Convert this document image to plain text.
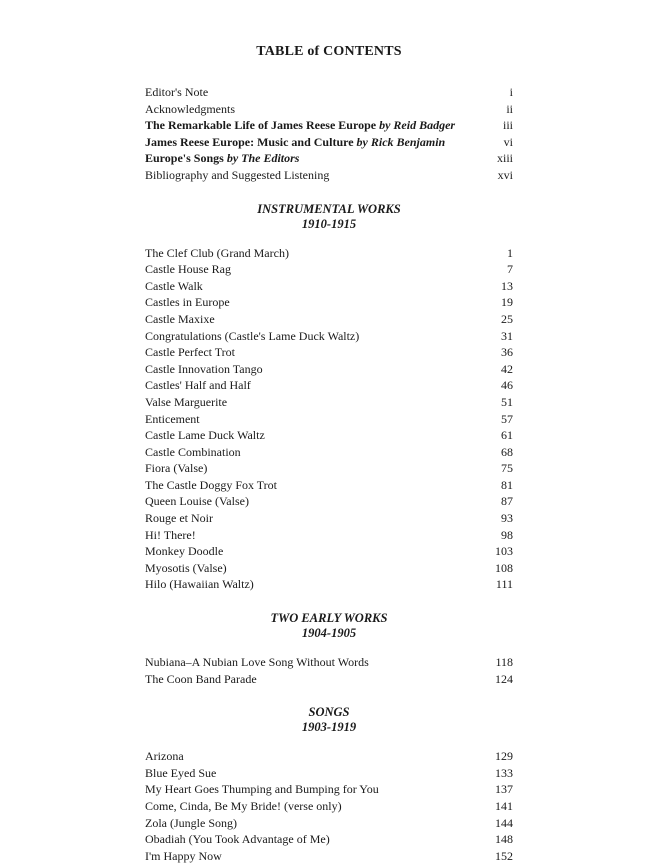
TABLE of CONTENTS
Editor's Note	i
Acknowledgments	ii
The Remarkable Life of James Reese Europe by Reid Badger	iii
James Reese Europe: Music and Culture by Rick Benjamin	vi
Europe's Songs by The Editors	xiii
Bibliography and Suggested Listening	xvi
INSTRUMENTAL WORKS
1910-1915
The Clef Club (Grand March)	1
Castle House Rag	7
Castle Walk	13
Castles in Europe	19
Castle Maxixe	25
Congratulations (Castle's Lame Duck Waltz)	31
Castle Perfect Trot	36
Castle Innovation Tango	42
Castles' Half and Half	46
Valse Marguerite	51
Enticement	57
Castle Lame Duck Waltz	61
Castle Combination	68
Fiora (Valse)	75
The Castle Doggy Fox Trot	81
Queen Louise (Valse)	87
Rouge et Noir	93
Hi! There!	98
Monkey Doodle	103
Myosotis (Valse)	108
Hilo (Hawaiian Waltz)	111
TWO EARLY WORKS
1904-1905
Nubiana–A Nubian Love Song Without Words	118
The Coon Band Parade	124
SONGS
1903-1919
Arizona	129
Blue Eyed Sue	133
My Heart Goes Thumping and Bumping for You	137
Come, Cinda, Be My Bride! (verse only)	141
Zola (Jungle Song)	144
Obadiah (You Took Advantage of Me)	148
I'm Happy Now	152
